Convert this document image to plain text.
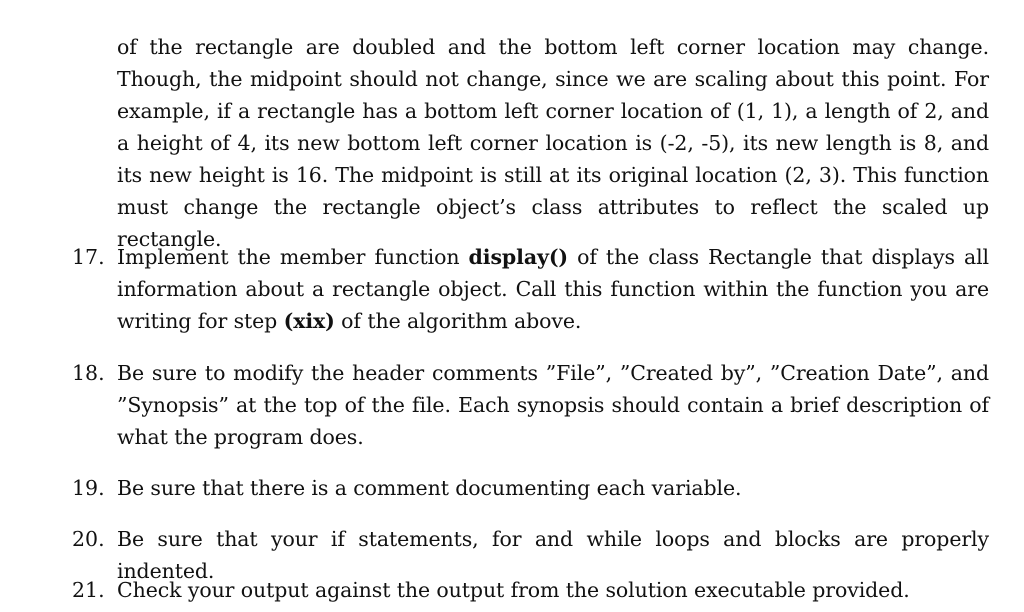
of the rectangle are doubled and the bottom left corner location may change. Though, the midpoint should not change, since we are scaling about this point. For example, if a rectangle has a bottom left corner location of (1, 1), a length of 2, and a height of 4, its new bottom left corner location is (-2, -5), its new length is 8, and its new height is 16. The midpoint is still at its original location (2, 3). This function must change the rectangle object’s class attributes to reflect the scaled up rectangle.

17. Implement the member function display() of the class Rectangle that displays all information about a rectangle object. Call this function within the function you are writing for step (xix) of the algorithm above.

18. Be sure to modify the header comments ”File”, ”Created by”, ”Creation Date”, and ”Synopsis” at the top of the file. Each synopsis should contain a brief description of what the program does.

19. Be sure that there is a comment documenting each variable.

20. Be sure that your if statements, for and while loops and blocks are properly indented.

21. Check your output against the output from the solution executable provided.
